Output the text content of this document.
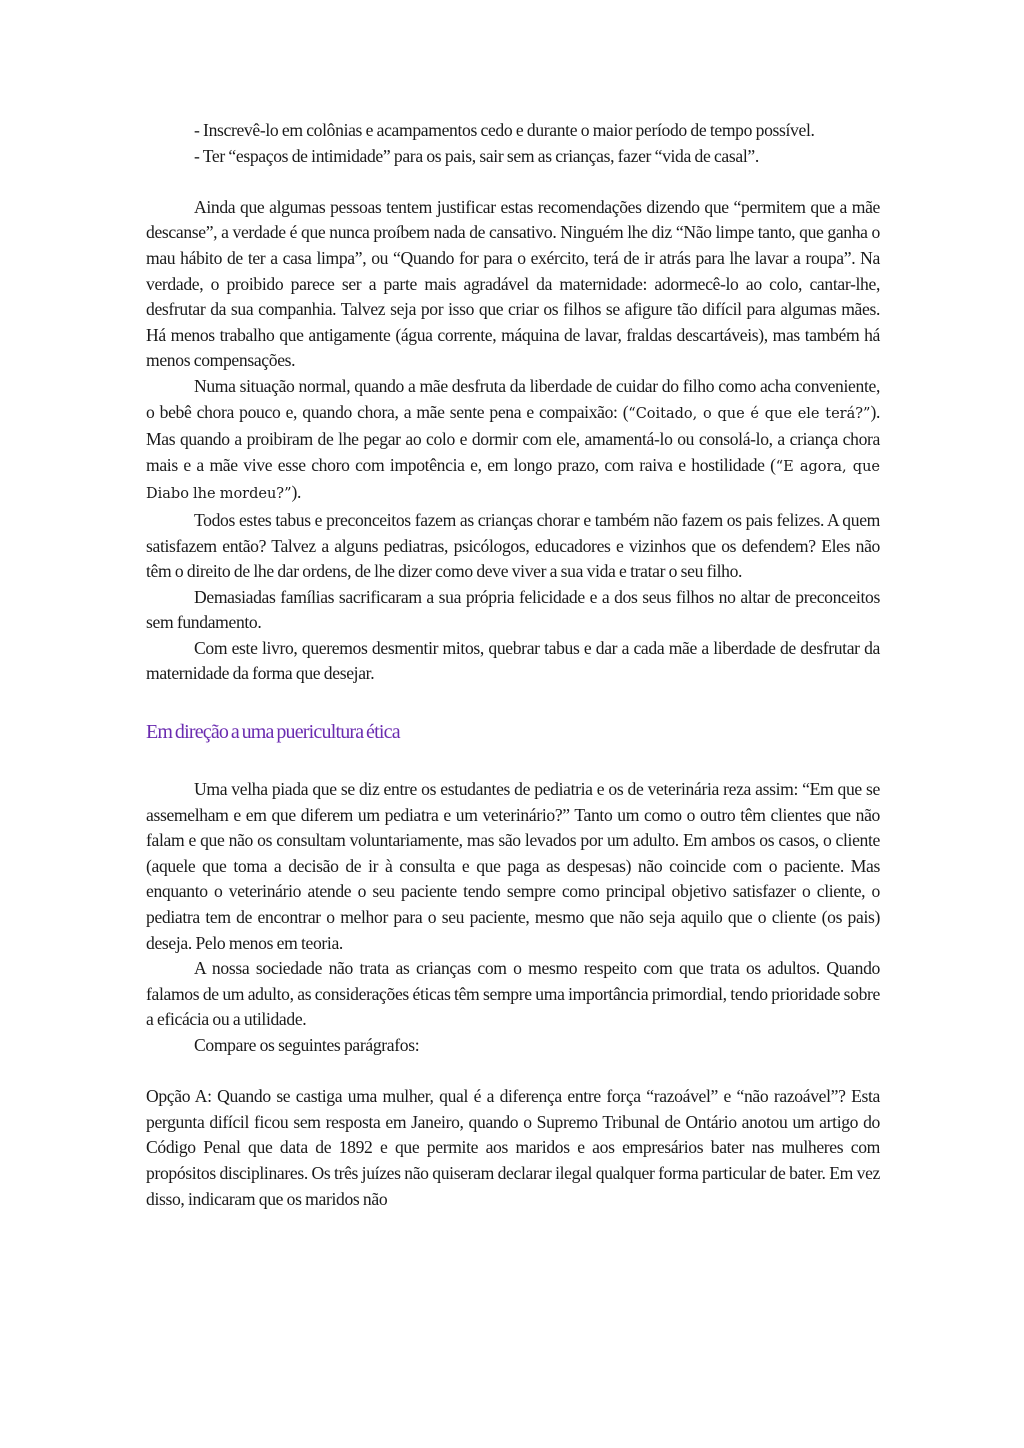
- Inscrevê-lo em colônias e acampamentos cedo e durante o maior período de tempo possível.
- Ter “espaços de intimidade” para os pais, sair sem as crianças, fazer “vida de casal”.

Ainda que algumas pessoas tentem justificar estas recomendações dizendo que “permitem que a mãe descanse”, a verdade é que nunca proíbem nada de cansativo. Ninguém lhe diz “Não limpe tanto, que ganha o mau hábito de ter a casa limpa”, ou “Quando for para o exército, terá de ir atrás para lhe lavar a roupa”. Na verdade, o proibido parece ser a parte mais agradável da maternidade: adormecê-lo ao colo, cantar-lhe, desfrutar da sua companhia. Talvez seja por isso que criar os filhos se afigure tão difícil para algumas mães. Há menos trabalho que antigamente (água corrente, máquina de lavar, fraldas descartáveis), mas também há menos compensações.

Numa situação normal, quando a mãe desfruta da liberdade de cuidar do filho como acha conveniente, o bebê chora pouco e, quando chora, a mãe sente pena e compaixão: (“Coitado, o que é que ele terá?”). Mas quando a proibiram de lhe pegar ao colo e dormir com ele, amamentá-lo ou consolá-lo, a criança chora mais e a mãe vive esse choro com impotência e, em longo prazo, com raiva e hostilidade (“E agora, que Diabo lhe mordeu?”).

Todos estes tabus e preconceitos fazem as crianças chorar e também não fazem os pais felizes. A quem satisfazem então? Talvez a alguns pediatras, psicólogos, educadores e vizinhos que os defendem? Eles não têm o direito de lhe dar ordens, de lhe dizer como deve viver a sua vida e tratar o seu filho.

Demasiadas famílias sacrificaram a sua própria felicidade e a dos seus filhos no altar de preconceitos sem fundamento.

Com este livro, queremos desmentir mitos, quebrar tabus e dar a cada mãe a liberdade de desfrutar da maternidade da forma que desejar.

Em direção a uma puericultura ética

Uma velha piada que se diz entre os estudantes de pediatria e os de veterinária reza assim: “Em que se assemelham e em que diferem um pediatra e um veterinário?” Tanto um como o outro têm clientes que não falam e que não os consultam voluntariamente, mas são levados por um adulto. Em ambos os casos, o cliente (aquele que toma a decisão de ir à consulta e que paga as despesas) não coincide com o paciente. Mas enquanto o veterinário atende o seu paciente tendo sempre como principal objetivo satisfazer o cliente, o pediatra tem de encontrar o melhor para o seu paciente, mesmo que não seja aquilo que o cliente (os pais) deseja. Pelo menos em teoria.

A nossa sociedade não trata as crianças com o mesmo respeito com que trata os adultos. Quando falamos de um adulto, as considerações éticas têm sempre uma importância primordial, tendo prioridade sobre a eficácia ou a utilidade.

Compare os seguintes parágrafos:

Opção A: Quando se castiga uma mulher, qual é a diferença entre força “razoável” e “não razoável”? Esta pergunta difícil ficou sem resposta em Janeiro, quando o Supremo Tribunal de Ontário anotou um artigo do Código Penal que data de 1892 e que permite aos maridos e aos empresários bater nas mulheres com propósitos disciplinares. Os três juízes não quiseram declarar ilegal qualquer forma particular de bater. Em vez disso, indicaram que os maridos não
